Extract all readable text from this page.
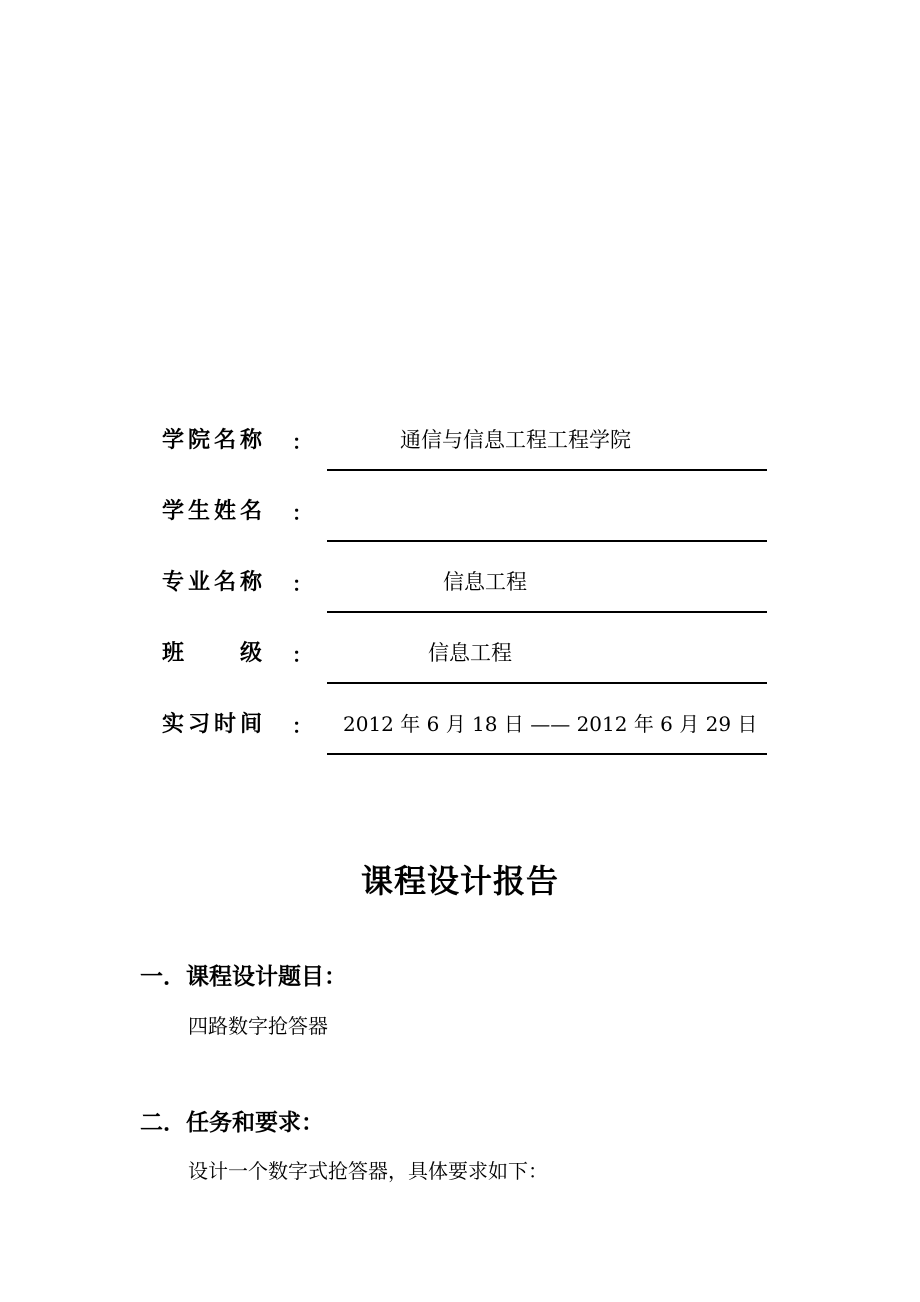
学院名称 ：	通信与信息工程工程学院
学生姓名 ：
专业名称 ：	信息工程
班　　级 ：	信息工程
实习时间 ： 2012 年 6 月 18 日 —— 2012 年 6 月 29 日
课程设计报告
一．课程设计题目：
四路数字抢答器
二．任务和要求：
设计一个数字式抢答器，具体要求如下：
